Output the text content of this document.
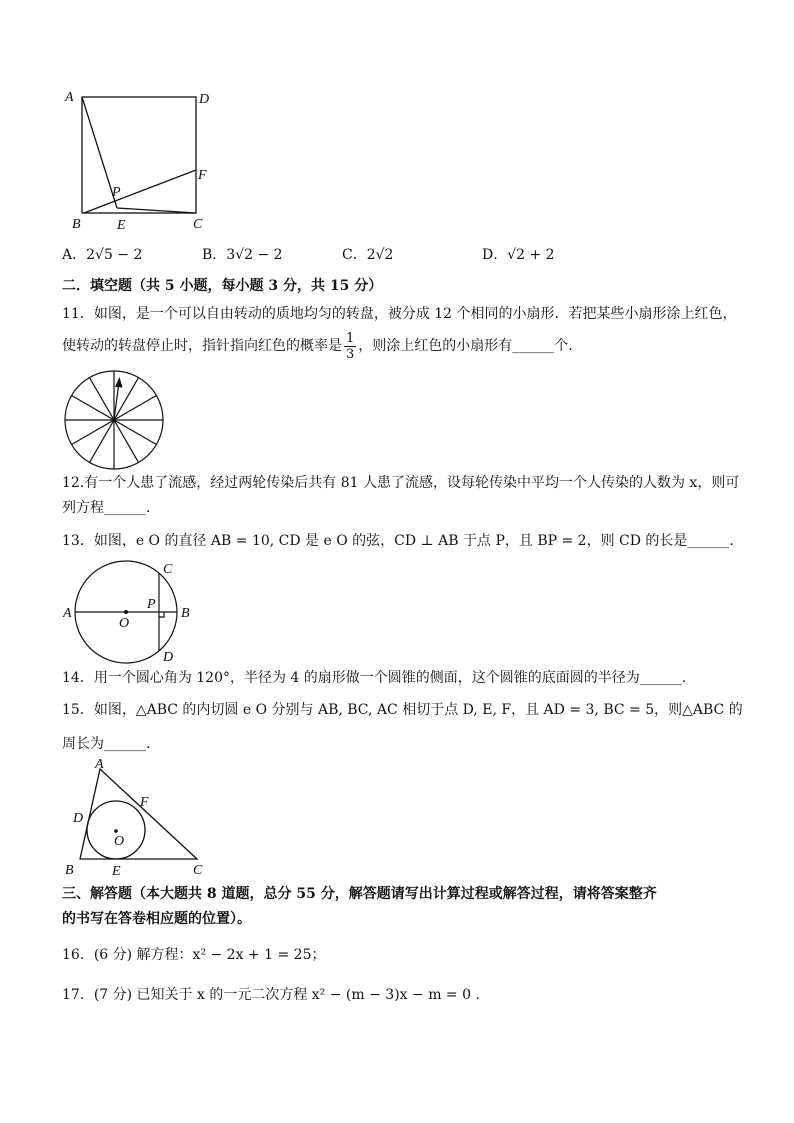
A	D
F
P
B	E	C
A．2√5 − 2	B．3√2 − 2	C．2√2	D．√2 + 2
二．填空题（共 5 小题，每小题 3 分，共 15 分）
11．如图，是一个可以自由转动的质地均匀的转盘，被分成 12 个相同的小扇形．若把某些小扇形涂上红色，
使转动的转盘停止时，指针指向红色的概率是 $\frac{1}{3}$ ，则涂上红色的小扇形有______个.
12.有一个人患了流感，经过两轮传染后共有 81 人患了流感，设每轮传染中平均一个人传染的人数为 x，则可
列方程______.
13．如图，e O 的直径 AB = 10, CD 是 e O 的弦，CD ⊥ AB 于点 P，且 BP = 2，则 CD 的长是______.
A	B
C
D
O
P
14．用一个圆心角为 120°，半径为 4 的扇形做一个圆锥的侧面，这个圆锥的底面圆的半径为______.
15．如图，△ABC 的内切圆 e O 分别与 AB, BC, AC 相切于点 D, E, F，且 AD = 3, BC = 5，则△ABC 的
周长为______.
A
B	C
D
E
F
O
三、解答题（本大题共 8 道题，总分 55 分，解答题请写出计算过程或解答过程，请将答案整齐
的书写在答卷相应题的位置）。
16．(6 分) 解方程：x² − 2x + 1 = 25；
17．(7 分) 已知关于 x 的一元二次方程 x² − (m − 3)x − m = 0 .
